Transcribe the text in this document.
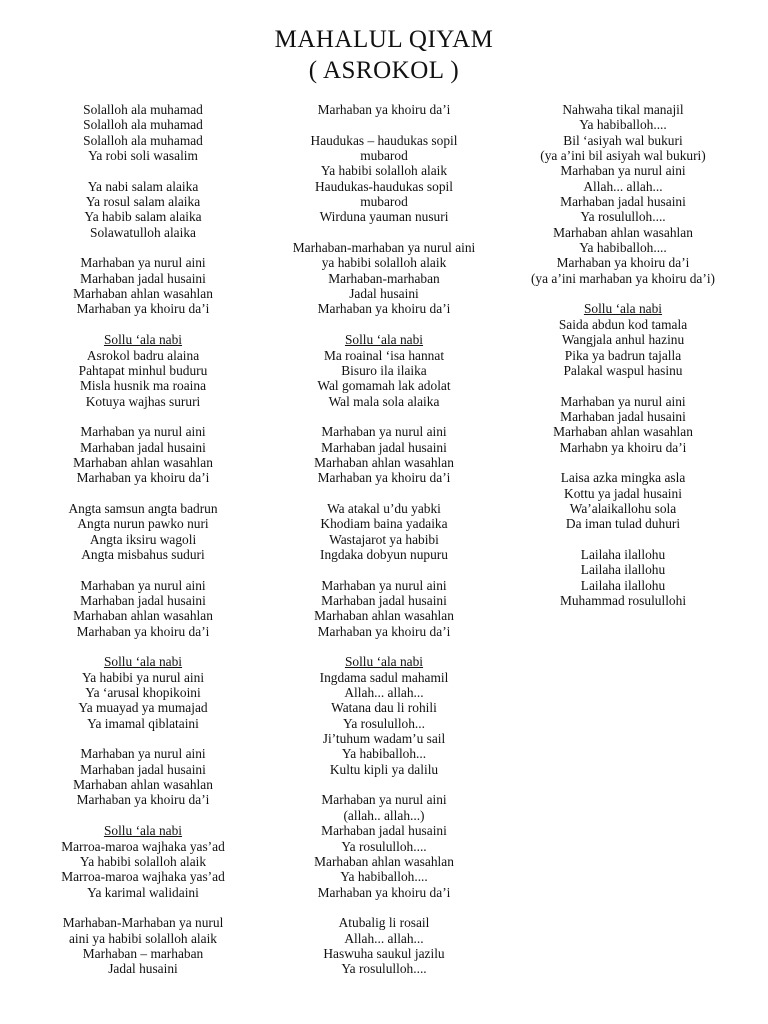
MAHALUL QIYAM
( ASROKOL )
Solalloh ala muhamad
Solalloh ala muhamad
Solalloh ala muhamad
Ya robi soli wasalim
Ya nabi salam alaika
Ya rosul salam alaika
Ya habib salam alaika
Solawatulloh alaika
Marhaban ya nurul aini
Marhaban jadal husaini
Marhaban ahlan wasahlan
Marhaban ya khoiru da’i
Sollu ‘ala nabi
Asrokol badru alaina
Pahtapat minhul buduru
Misla husnik ma roaina
Kotuya wajhas sururi
Marhaban ya nurul aini
Marhaban jadal husaini
Marhaban ahlan wasahlan
Marhaban ya khoiru da’i
Angta samsun angta badrun
Angta nurun pawko nuri
Angta iksiru wagoli
Angta misbahus suduri
Marhaban ya nurul aini
Marhaban jadal husaini
Marhaban ahlan wasahlan
Marhaban ya khoiru da’i
Sollu ‘ala nabi
Ya habibi ya nurul aini
Ya ‘arusal khopikoini
Ya muayad ya mumajad
Ya imamal qiblataini
Marhaban ya nurul aini
Marhaban jadal husaini
Marhaban ahlan wasahlan
Marhaban ya khoiru da’i
Sollu ‘ala nabi
Marroa-maroa wajhaka yas’ad
Ya habibi solalloh alaik
Marroa-maroa wajhaka yas’ad
Ya karimal walidaini
Marhaban-Marhaban ya nurul
aini ya habibi solalloh alaik
Marhaban – marhaban
Jadal husaini
Marhaban ya khoiru da’i
Haudukas – haudukas sopil
mubarod
Ya habibi solalloh alaik
Haudukas-haudukas sopil
mubarod
Wirduna yauman nusuri
Marhaban-marhaban ya nurul aini
ya habibi solalloh alaik
Marhaban-marhaban
Jadal husaini
Marhaban ya khoiru da’i
Sollu ‘ala nabi
Ma roainal ‘isa hannat
Bisuro ila ilaika
Wal gomamah lak adolat
Wal mala sola alaika
Marhaban ya nurul aini
Marhaban jadal husaini
Marhaban ahlan wasahlan
Marhaban ya khoiru da’i
Wa atakal u’du yabki
Khodiam baina yadaika
Wastajarot ya habibi
Ingdaka dobyun nupuru
Marhaban ya nurul aini
Marhaban jadal husaini
Marhaban ahlan wasahlan
Marhaban ya khoiru da’i
Sollu ‘ala nabi
Ingdama sadul mahamil
Allah... allah...
Watana dau li rohili
Ya rosululloh...
Ji’tuhum wadam’u sail
Ya habiballoh...
Kultu kipli ya dalilu
Marhaban ya nurul aini
(allah.. allah...)
Marhaban jadal husaini
Ya rosululloh....
Marhaban ahlan wasahlan
Ya habiballoh....
Marhaban ya khoiru da’i
Atubalig li rosail
Allah... allah...
Haswuha saukul jazilu
Ya rosululloh....
Nahwaha tikal manajil
Ya habiballoh....
Bil ‘asiyah wal bukuri
(ya a’ini bil asiyah wal bukuri)
Marhaban ya nurul aini
Allah... allah...
Marhaban jadal husaini
Ya rosululloh....
Marhaban ahlan wasahlan
Ya habiballoh....
Marhaban ya khoiru da’i
(ya a’ini marhaban ya khoiru da’i)
Sollu ‘ala nabi
Saida abdun kod tamala
Wangjala anhul hazinu
Pika ya badrun tajalla
Palakal waspul hasinu
Marhaban ya nurul aini
Marhaban jadal husaini
Marhaban ahlan wasahlan
Marhabn ya khoiru da’i
Laisa azka mingka asla
Kottu ya jadal husaini
Wa’alaikallohu sola
Da iman tulad duhuri
Lailaha ilallohu
Lailaha ilallohu
Lailaha ilallohu
Muhammad rosulullohi
